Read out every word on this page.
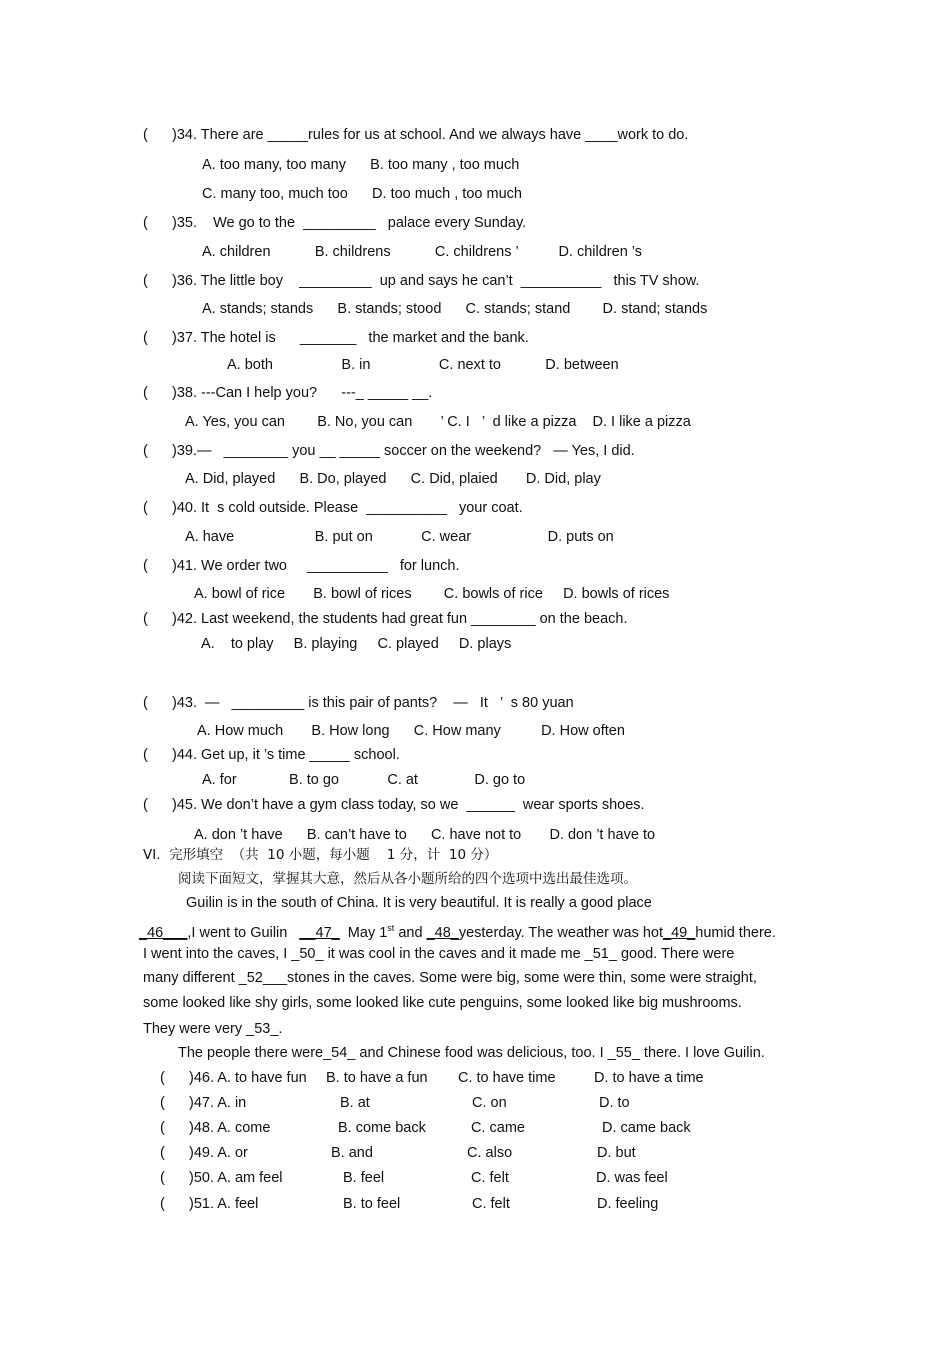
(      )34. There are _____rules for us at school. And we always have ____work to do.
A. too many, too many      B. too many , too much
C. many too, much too      D. too much , too much
(      )35.    We go to the  _________   palace every Sunday.
A. children           B. childrens           C. childrens ’          D. children ’s
(      )36. The little boy    _________  up and says he can’t  __________   this TV show.
A. stands; stands      B. stands; stood      C. stands; stand        D. stand; stands
(      )37. The hotel is      _______   the market and the bank.
A. both                 B. in                 C. next to           D. between
(      )38. ---Can I help you?      ---_ _____ __.
A. Yes, you can        B. No, you can       ’ C. I   ’  d like a pizza    D. I like a pizza
(      )39.—   ________ you __ _____ soccer on the weekend?   — Yes, I did.
A. Did, played      B. Do, played      C. Did, plaied       D. Did, play
(      )40. It  s cold outside. Please  __________   your coat.
A. have                    B. put on            C. wear                   D. puts on
(      )41. We order two     __________   for lunch.
A. bowl of rice       B. bowl of rices        C. bowls of rice     D. bowls of rices
(      )42. Last weekend, the students had great fun ________ on the beach.
A.    to play     B. playing     C. played     D. plays
(      )43.  —   _________ is this pair of pants?    —   It   ’  s 80 yuan
A. How much       B. How long      C. How many          D. How often
(      )44. Get up, it ’s time _____ school.
A. for             B. to go            C. at              D. go to
(      )45. We don’t have a gym class today, so we  ______  wear sports shoes.
A. don ’t have      B. can’t have to      C. have not to       D. don ’t have to
VI.  完形填空  （共  10 小题，每小题    1 分，计  10 分）
阅读下面短文，掌握其大意，然后从各小题所给的四个选项中选出最佳选项。
Guilin is in the south of China. It is very beautiful. It is really a good place
_46___,I went to Guilin   __47_  May 1st and _48_yesterday. The weather was hot_49_humid there.
I went into the caves, I _50_ it was cool in the caves and it made me _51_ good. There were
many different _52___stones in the caves. Some were big, some were thin, some were straight,
some looked like shy girls, some looked like cute penguins, some looked like big mushrooms.
They were very _53_.
The people there were_54_ and Chinese food was delicious, too. I _55_ there. I love Guilin.
(      )46. A. to have fun B. to have a fun C. to have time	D. to have a time
(      )47. A. in	B. at	C. on	D. to
(      )48. A. come	B. come back	C. came	D. came back
(      )49. A. or	B. and	C. also	D. but
(      )50. A. am feel	B. feel	C. felt	D. was feel
(      )51. A. feel	B. to feel	C. felt	D. feeling
